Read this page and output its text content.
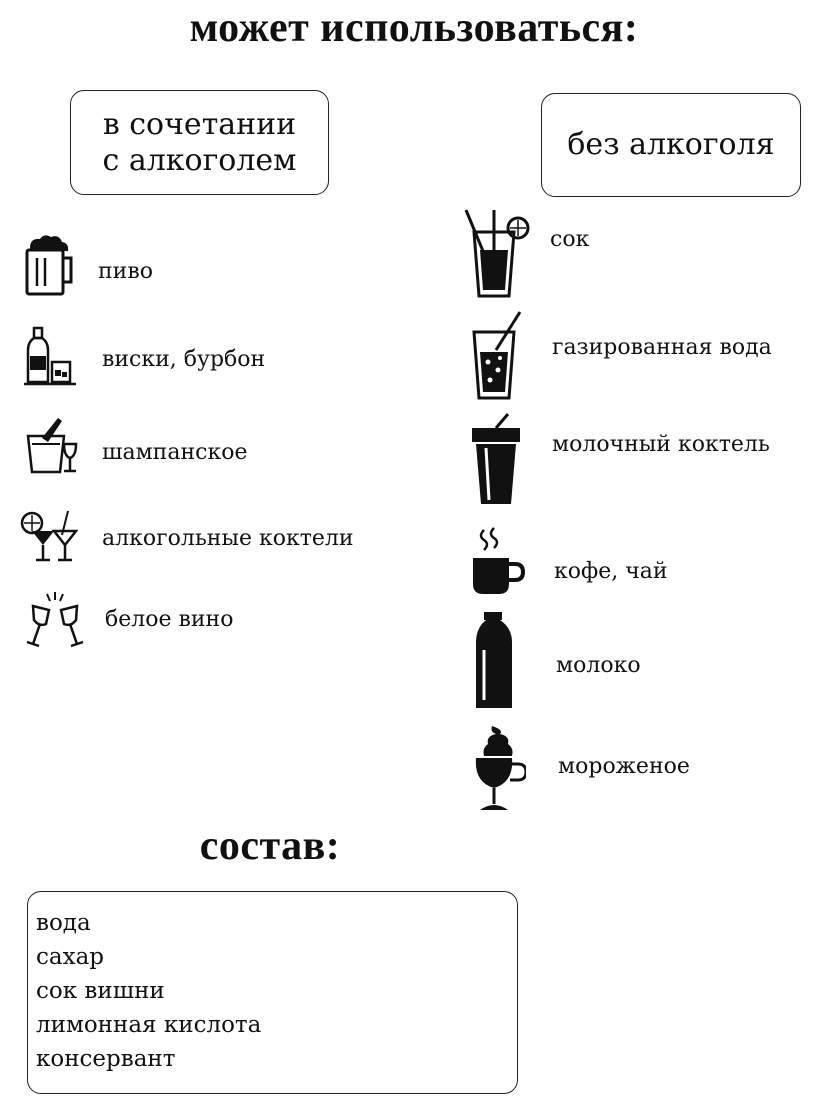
может использоваться:
в сочетании
с алкоголем	без алкоголя
пиво
виски, бурбон
шампанское
алкогольные коктели
белое вино
сок
газированная вода
молочный коктель
кофе, чай
молоко
мороженое
состав:
вода
сахар
сок вишни
лимонная кислота
консервант
